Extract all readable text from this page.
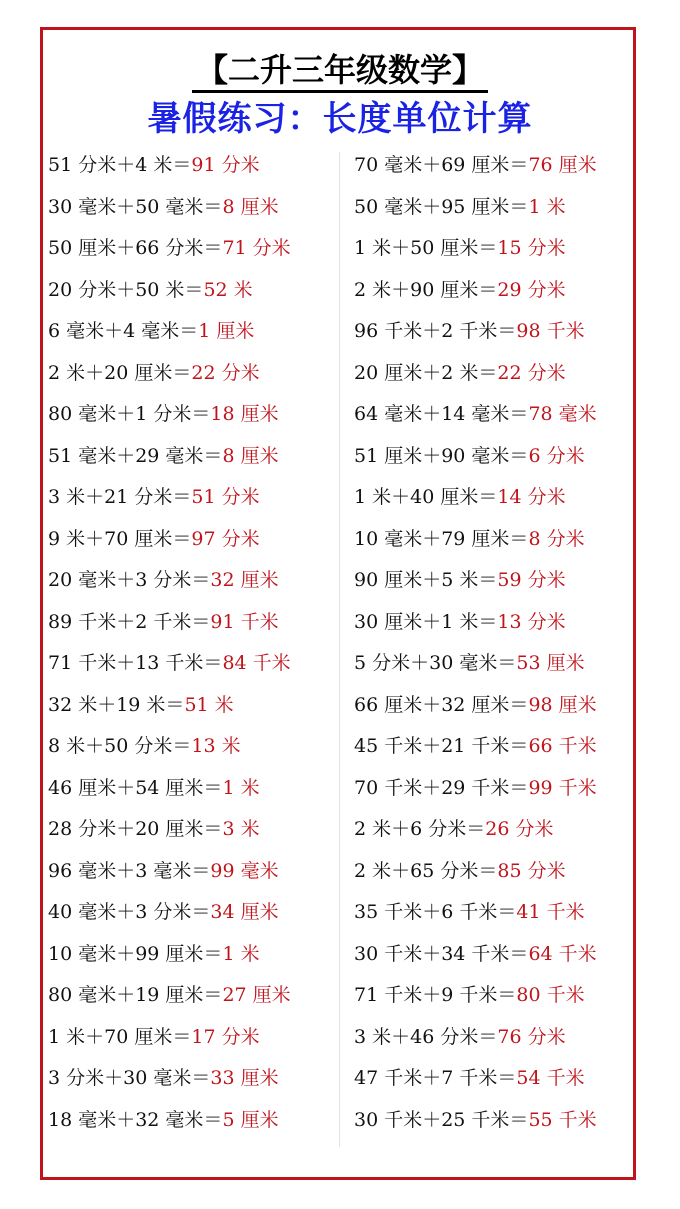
【二升三年级数学】
暑假练习：长度单位计算
51 分米＋4 米＝91 分米
30 毫米＋50 毫米＝8 厘米
50 厘米＋66 分米＝71 分米
20 分米＋50 米＝52 米
6 毫米＋4 毫米＝1 厘米
2 米＋20 厘米＝22 分米
80 毫米＋1 分米＝18 厘米
51 毫米＋29 毫米＝8 厘米
3 米＋21 分米＝51 分米
9 米＋70 厘米＝97 分米
20 毫米＋3 分米＝32 厘米
89 千米＋2 千米＝91 千米
71 千米＋13 千米＝84 千米
32 米＋19 米＝51 米
8 米＋50 分米＝13 米
46 厘米＋54 厘米＝1 米
28 分米＋20 厘米＝3 米
96 毫米＋3 毫米＝99 毫米
40 毫米＋3 分米＝34 厘米
10 毫米＋99 厘米＝1 米
80 毫米＋19 厘米＝27 厘米
1 米＋70 厘米＝17 分米
3 分米＋30 毫米＝33 厘米
18 毫米＋32 毫米＝5 厘米
70 毫米＋69 厘米＝76 厘米
50 毫米＋95 厘米＝1 米
1 米＋50 厘米＝15 分米
2 米＋90 厘米＝29 分米
96 千米＋2 千米＝98 千米
20 厘米＋2 米＝22 分米
64 毫米＋14 毫米＝78 毫米
51 厘米＋90 毫米＝6 分米
1 米＋40 厘米＝14 分米
10 毫米＋79 厘米＝8 分米
90 厘米＋5 米＝59 分米
30 厘米＋1 米＝13 分米
5 分米＋30 毫米＝53 厘米
66 厘米＋32 厘米＝98 厘米
45 千米＋21 千米＝66 千米
70 千米＋29 千米＝99 千米
2 米＋6 分米＝26 分米
2 米＋65 分米＝85 分米
35 千米＋6 千米＝41 千米
30 千米＋34 千米＝64 千米
71 千米＋9 千米＝80 千米
3 米＋46 分米＝76 分米
47 千米＋7 千米＝54 千米
30 千米＋25 千米＝55 千米
